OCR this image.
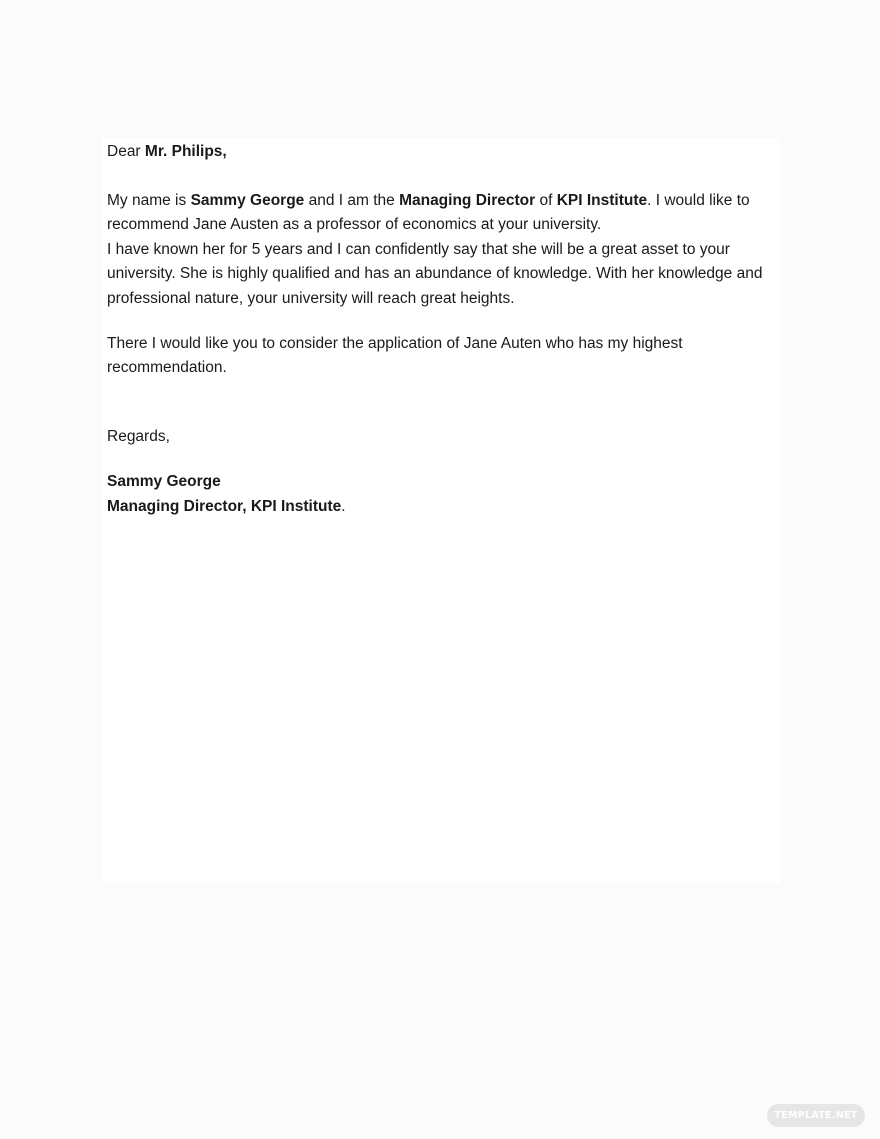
Dear Mr. Philips,

My name is Sammy George and I am the Managing Director of KPI Institute. I would like to recommend Jane Austen as a professor of economics at your university.
I have known her for 5 years and I can confidently say that she will be a great asset to your university. She is highly qualified and has an abundance of knowledge. With her knowledge and professional nature, your university will reach great heights.

There I would like you to consider the application of Jane Auten who has my highest recommendation.

Regards,

Sammy George
Managing Director, KPI Institute.

TEMPLATE.NET
